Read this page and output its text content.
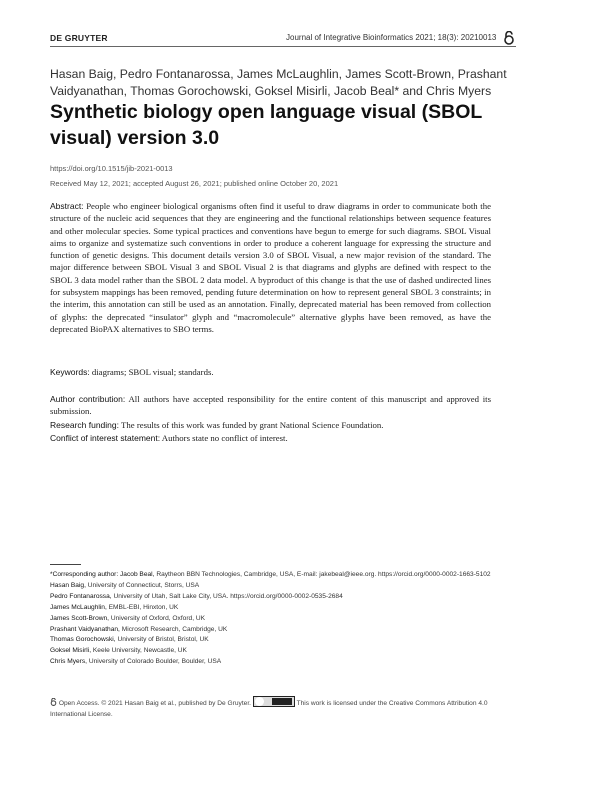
DE GRUYTER	Journal of Integrative Bioinformatics 2021; 18(3): 20210013
Hasan Baig, Pedro Fontanarossa, James McLaughlin, James Scott-Brown, Prashant Vaidyanathan, Thomas Gorochowski, Goksel Misirli, Jacob Beal* and Chris Myers
Synthetic biology open language visual (SBOL visual) version 3.0
https://doi.org/10.1515/jib-2021-0013
Received May 12, 2021; accepted August 26, 2021; published online October 20, 2021
Abstract: People who engineer biological organisms often find it useful to draw diagrams in order to communicate both the structure of the nucleic acid sequences that they are engineering and the functional relationships between sequence features and other molecular species. Some typical practices and conventions have begun to emerge for such diagrams. SBOL Visual aims to organize and systematize such conventions in order to produce a coherent language for expressing the structure and function of genetic designs. This document details version 3.0 of SBOL Visual, a new major revision of the standard. The major difference between SBOL Visual 3 and SBOL Visual 2 is that diagrams and glyphs are defined with respect to the SBOL 3 data model rather than the SBOL 2 data model. A byproduct of this change is that the use of dashed undirected lines for subsystem mappings has been removed, pending future determination on how to represent general SBOL 3 constraints; in the interim, this annotation can still be used as an annotation. Finally, deprecated material has been removed from collection of glyphs: the deprecated “insulator” glyph and “macromolecule” alternative glyphs have been removed, as have the deprecated BioPAX alternatives to SBO terms.
Keywords: diagrams; SBOL visual; standards.
Author contribution: All authors have accepted responsibility for the entire content of this manuscript and approved its submission.
Research funding: The results of this work was funded by grant National Science Foundation.
Conflict of interest statement: Authors state no conflict of interest.
*Corresponding author: Jacob Beal, Raytheon BBN Technologies, Cambridge, USA, E-mail: jakebeal@ieee.org. https://orcid.org/0000-0002-1663-5102
Hasan Baig, University of Connecticut, Storrs, USA
Pedro Fontanarossa, University of Utah, Salt Lake City, USA. https://orcid.org/0000-0002-0535-2684
James McLaughlin, EMBL-EBI, Hinxton, UK
James Scott-Brown, University of Oxford, Oxford, UK
Prashant Vaidyanathan, Microsoft Research, Cambridge, UK
Thomas Gorochowski, University of Bristol, Bristol, UK
Goksel Misirli, Keele University, Newcastle, UK
Chris Myers, University of Colorado Boulder, Boulder, USA
Open Access. © 2021 Hasan Baig et al., published by De Gruyter.	This work is licensed under the Creative Commons Attribution 4.0 International License.
